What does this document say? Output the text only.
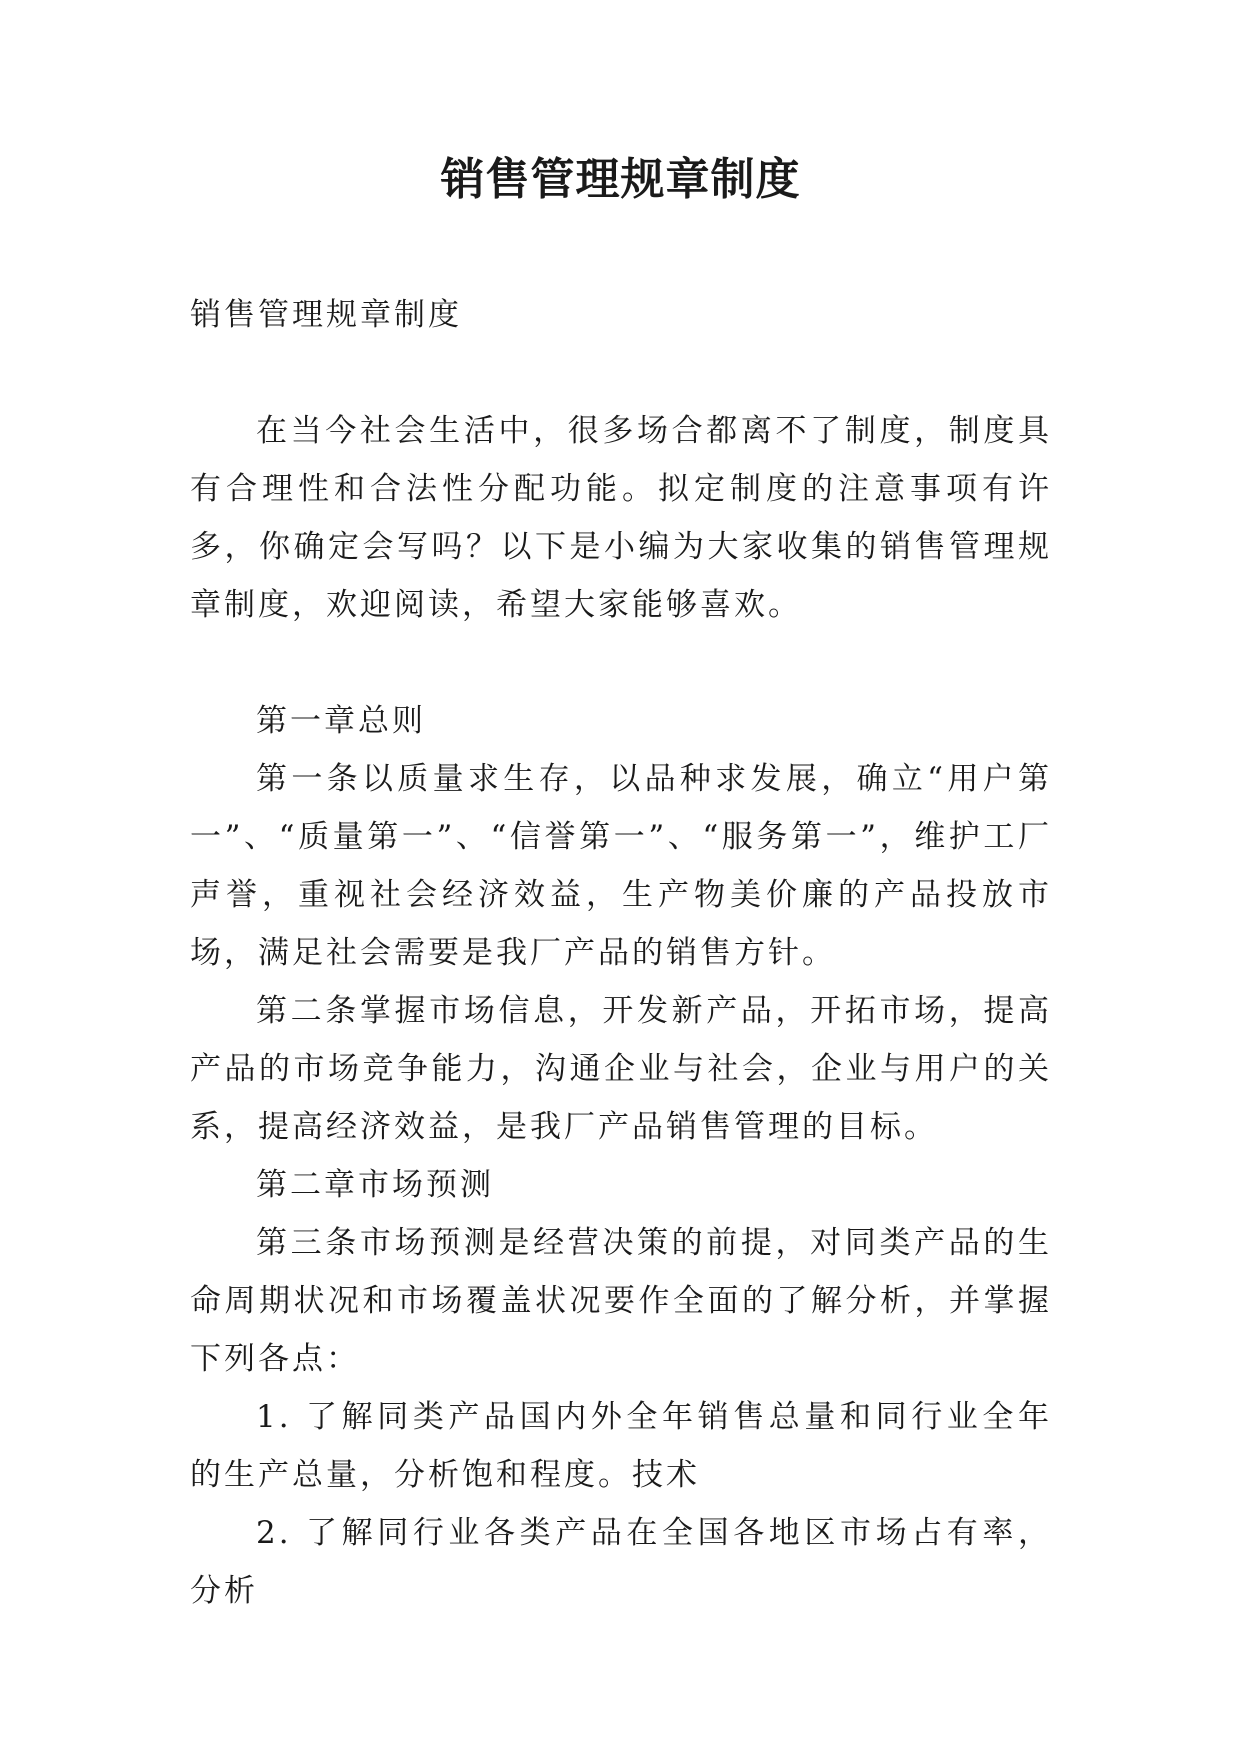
销售管理规章制度

销售管理规章制度

在当今社会生活中，很多场合都离不了制度，制度具有合理性和合法性分配功能。拟定制度的注意事项有许多，你确定会写吗？以下是小编为大家收集的销售管理规章制度，欢迎阅读，希望大家能够喜欢。

第一章总则

第一条以质量求生存，以品种求发展，确立“用户第一”、“质量第一”、“信誉第一”、“服务第一”，维护工厂声誉，重视社会经济效益，生产物美价廉的产品投放市场，满足社会需要是我厂产品的销售方针。

第二条掌握市场信息，开发新产品，开拓市场，提高产品的市场竞争能力，沟通企业与社会，企业与用户的关系，提高经济效益，是我厂产品销售管理的目标。

第二章市场预测

第三条市场预测是经营决策的前提，对同类产品的生命周期状况和市场覆盖状况要作全面的了解分析，并掌握下列各点：

1. 了解同类产品国内外全年销售总量和同行业全年的生产总量，分析饱和程度。技术

2. 了解同行业各类产品在全国各地区市场占有率，分析
